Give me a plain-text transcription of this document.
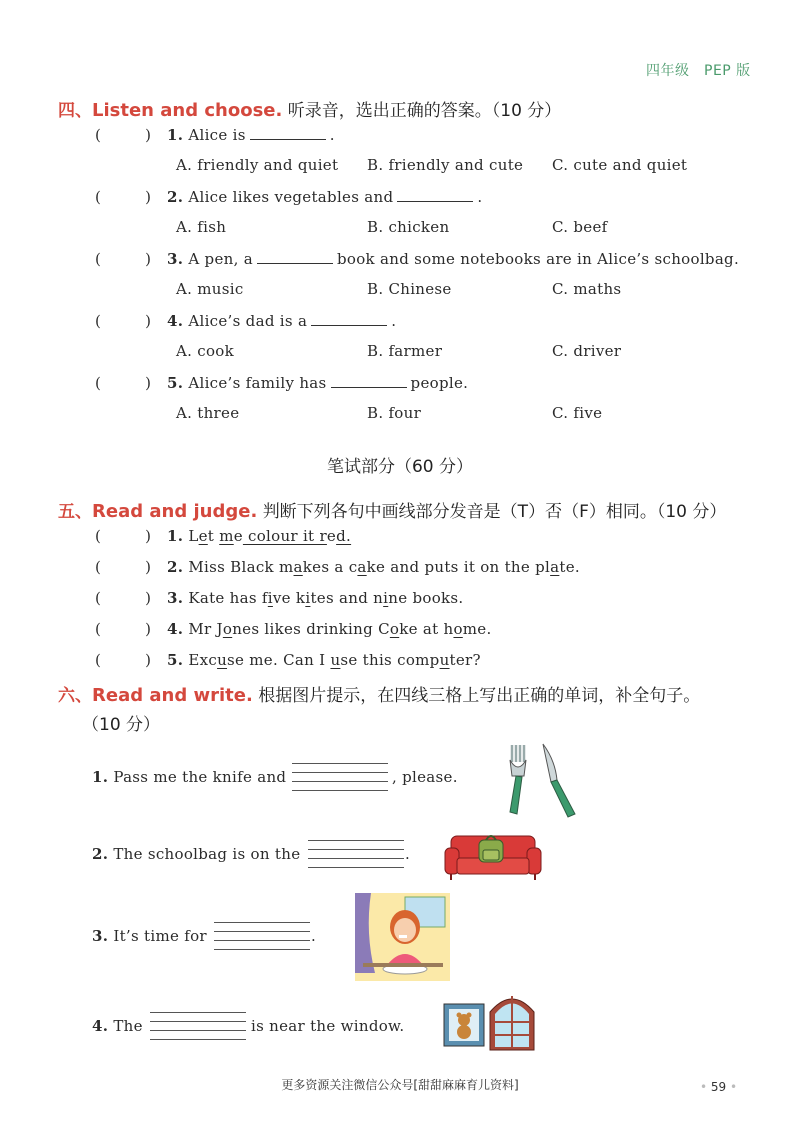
四年级　PEP 版
四、Listen and choose. 听录音，选出正确的答案。（10 分）
(	) 1. Alice is	.
A. friendly and quiet B. friendly and cute C. cute and quiet
(	) 2. Alice likes vegetables and	.
A. fish	B. chicken	C. beef
(	) 3. A pen, a	book and some notebooks are in Alice’s schoolbag.
A. music	B. Chinese	C. maths
(	) 4. Alice’s dad is a	.
A. cook	B. farmer	C. driver
(	) 5. Alice’s family has	people.
A. three	B. four	C. five
笔试部分（60 分）
五、Read and judge. 判断下列各句中画线部分发音是（T）否（F）相同。（10 分）
(	) 1. Let me colour it red.
(	) 2. Miss Black makes a cake and puts it on the plate.
(	) 3. Kate has five kites and nine books.
(	) 4. Mr Jones likes drinking Coke at home.
(	) 5. Excuse me. Can I use this computer?
六、Read and write. 根据图片提示，在四线三格上写出正确的单词，补全句子。
（10 分）
1. Pass me the knife and	, please.
2. The schoolbag is on the	.
3. It’s time for	.
4. The	is near the window.
更多资源关注微信公众号[甜甜麻麻育儿资料]	• 59 •
